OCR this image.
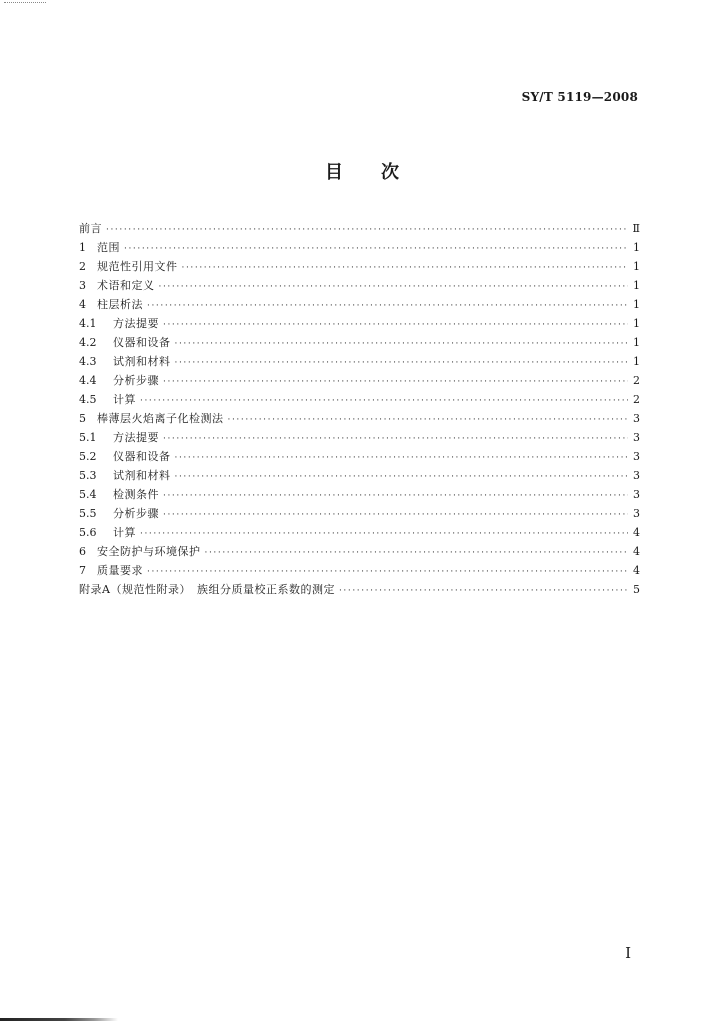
SY/T 5119—2008
目次
前言 ·····	Ⅱ
1	范围 ·····	1
2	规范性引用文件 ·····	1
3	术语和定义 ·····	1
4	柱层析法 ·····	1
4.1	方法提要 ·····	1
4.2	仪器和设备 ·····	1
4.3	试剂和材料 ·····	1
4.4	分析步骤 ·····	2
4.5	计算 ·····	2
5	棒薄层火焰离子化检测法 ·····	3
5.1	方法提要 ·····	3
5.2	仪器和设备 ·····	3
5.3	试剂和材料 ·····	3
5.4	检测条件 ·····	3
5.5	分析步骤 ·····	3
5.6	计算 ·····	4
6	安全防护与环境保护 ·····	4
7	质量要求 ·····	4
附录A（规范性附录）　族组分质量校正系数的测定 ·····	5
Ⅰ
